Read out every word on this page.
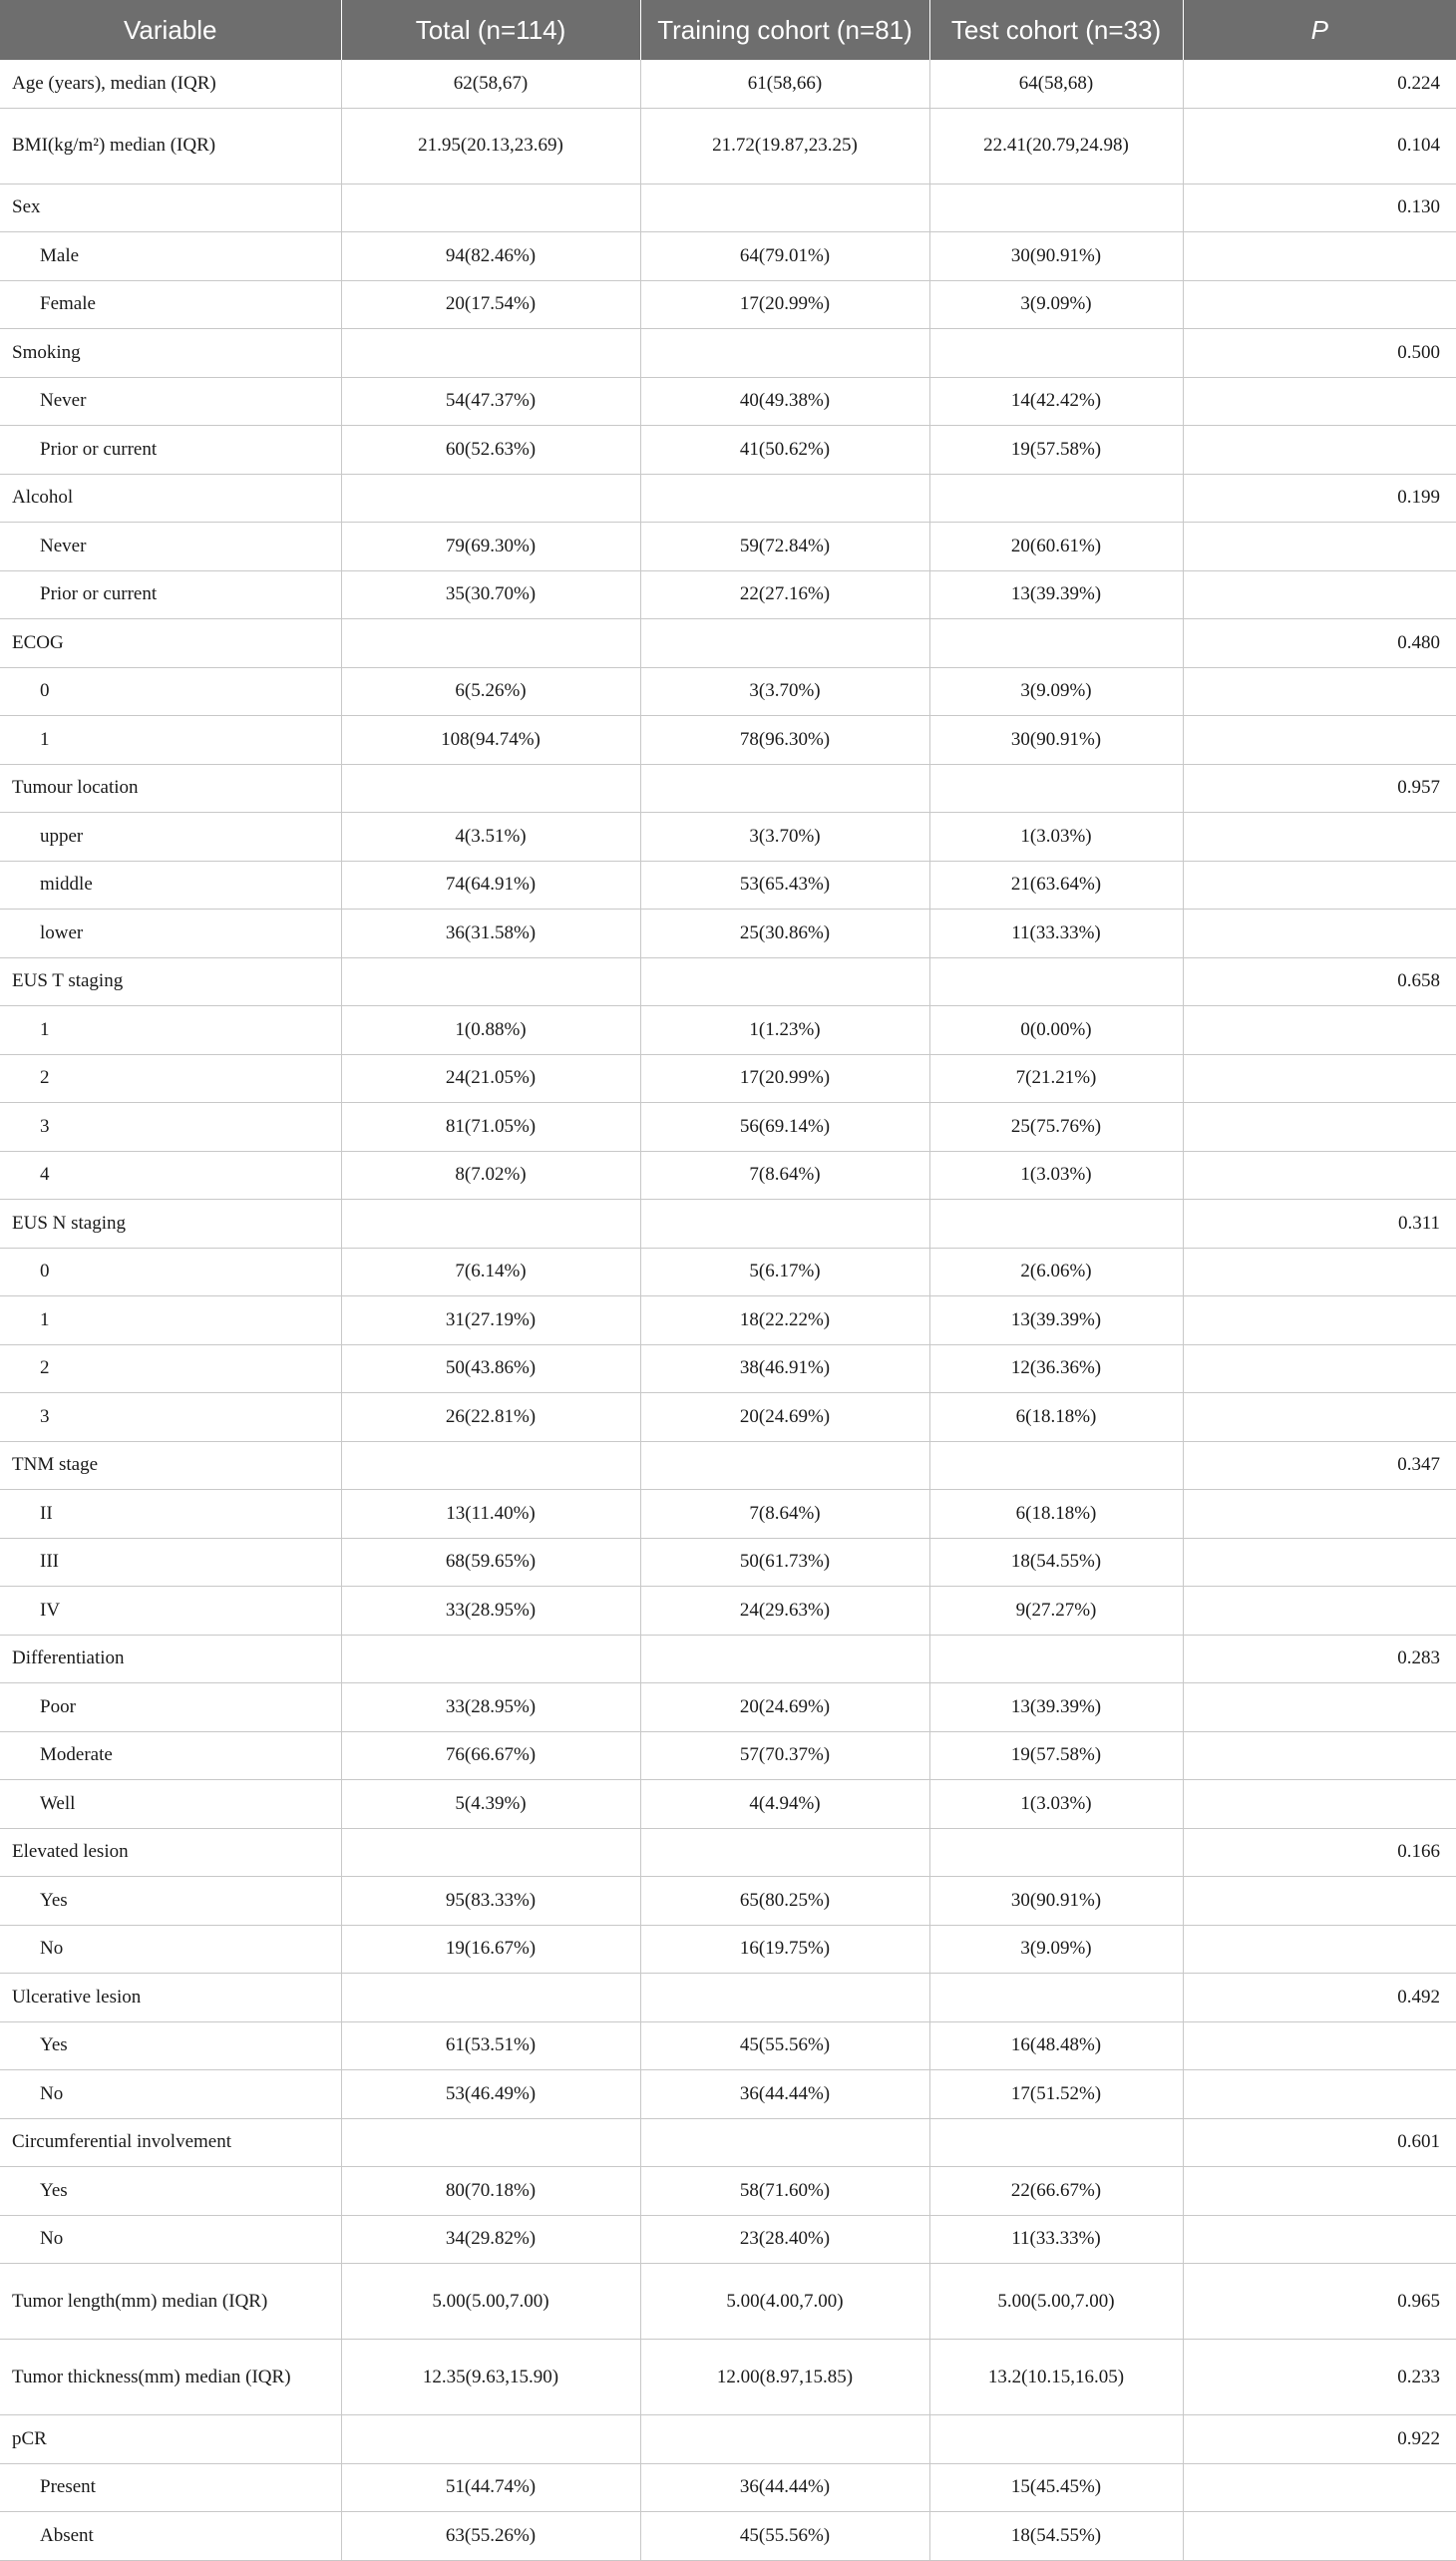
Variable	Total (n=114)	Training cohort (n=81)	Test cohort (n=33)	P
Age (years), median (IQR)	62(58,67)	61(58,66)	64(58,68)	0.224
BMI(kg/m²) median (IQR)	21.95(20.13,23.69)	21.72(19.87,23.25)	22.41(20.79,24.98)	0.104
Sex				0.130
Male	94(82.46%)	64(79.01%)	30(90.91%)	
Female	20(17.54%)	17(20.99%)	3(9.09%)	
Smoking				0.500
Never	54(47.37%)	40(49.38%)	14(42.42%)	
Prior or current	60(52.63%)	41(50.62%)	19(57.58%)	
Alcohol				0.199
Never	79(69.30%)	59(72.84%)	20(60.61%)	
Prior or current	35(30.70%)	22(27.16%)	13(39.39%)	
ECOG				0.480
0	6(5.26%)	3(3.70%)	3(9.09%)	
1	108(94.74%)	78(96.30%)	30(90.91%)	
Tumour location				0.957
upper	4(3.51%)	3(3.70%)	1(3.03%)	
middle	74(64.91%)	53(65.43%)	21(63.64%)	
lower	36(31.58%)	25(30.86%)	11(33.33%)	
EUS T staging				0.658
1	1(0.88%)	1(1.23%)	0(0.00%)	
2	24(21.05%)	17(20.99%)	7(21.21%)	
3	81(71.05%)	56(69.14%)	25(75.76%)	
4	8(7.02%)	7(8.64%)	1(3.03%)	
EUS N staging				0.311
0	7(6.14%)	5(6.17%)	2(6.06%)	
1	31(27.19%)	18(22.22%)	13(39.39%)	
2	50(43.86%)	38(46.91%)	12(36.36%)	
3	26(22.81%)	20(24.69%)	6(18.18%)	
TNM stage				0.347
II	13(11.40%)	7(8.64%)	6(18.18%)	
III	68(59.65%)	50(61.73%)	18(54.55%)	
IV	33(28.95%)	24(29.63%)	9(27.27%)	
Differentiation				0.283
Poor	33(28.95%)	20(24.69%)	13(39.39%)	
Moderate	76(66.67%)	57(70.37%)	19(57.58%)	
Well	5(4.39%)	4(4.94%)	1(3.03%)	
Elevated lesion				0.166
Yes	95(83.33%)	65(80.25%)	30(90.91%)	
No	19(16.67%)	16(19.75%)	3(9.09%)	
Ulcerative lesion				0.492
Yes	61(53.51%)	45(55.56%)	16(48.48%)	
No	53(46.49%)	36(44.44%)	17(51.52%)	
Circumferential involvement				0.601
Yes	80(70.18%)	58(71.60%)	22(66.67%)	
No	34(29.82%)	23(28.40%)	11(33.33%)	
Tumor length(mm) median (IQR)	5.00(5.00,7.00)	5.00(4.00,7.00)	5.00(5.00,7.00)	0.965
Tumor thickness(mm) median (IQR)	12.35(9.63,15.90)	12.00(8.97,15.85)	13.2(10.15,16.05)	0.233
pCR				0.922
Present	51(44.74%)	36(44.44%)	15(45.45%)	
Absent	63(55.26%)	45(55.56%)	18(54.55%)	
